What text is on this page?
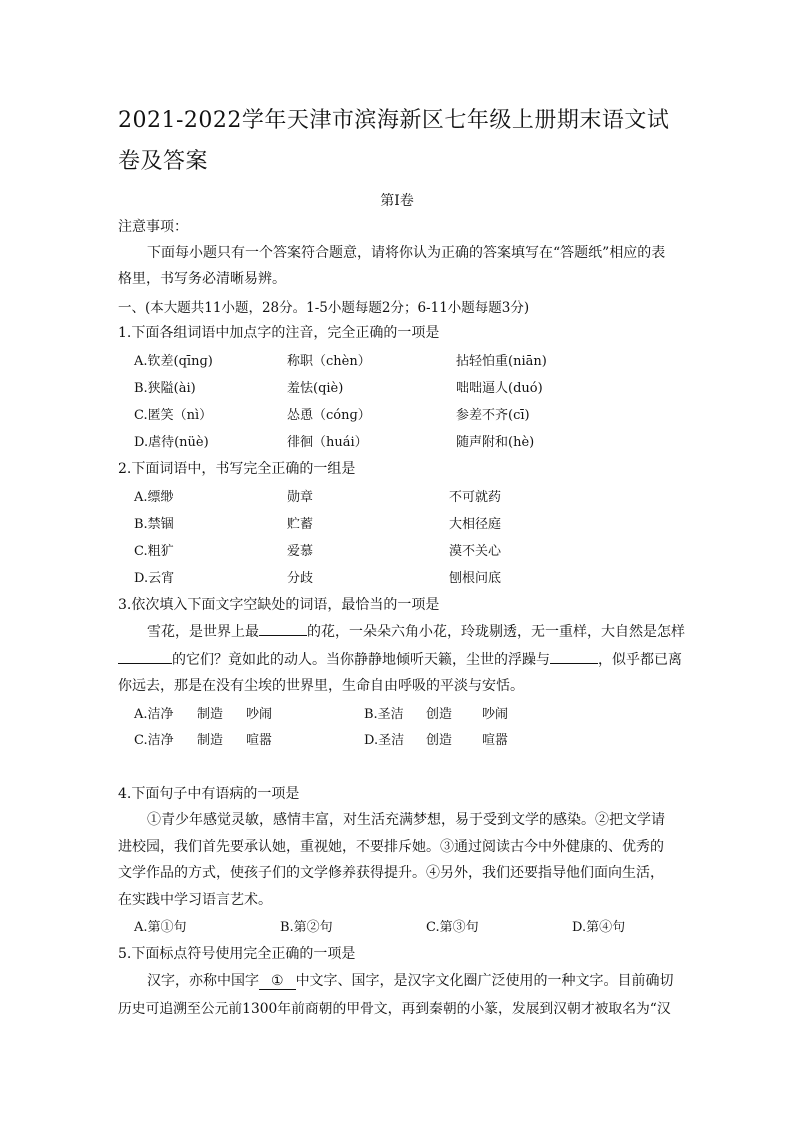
2021-2022学年天津市滨海新区七年级上册期末语文试卷及答案
第I卷
注意事项：
下面每小题只有一个答案符合题意，请将你认为正确的答案填写在“答题纸”相应的表
格里，书写务必清晰易辨。
一、(本大题共11小题，28分。1-5小题每题2分；6-11小题每题3分)
1.下面各组词语中加点字的注音，完全正确的一项是
A.钦差(qīnɡ)	称职（chèn）	拈轻怕重(niān)
B.狭隘(ài)	羞怯(qiè)	咄咄逼人(duó)
C.匿笑（nì）	怂恿（cónɡ）	参差不齐(cī)
D.虐待(nüè)	徘徊（huái）	随声附和(hè)
2.下面词语中，书写完全正确的一组是
A.缥缈	勋章	不可就药
B.禁锢	贮蓄	大相径庭
C.粗犷	爱慕	漠不关心
D.云宵	分歧	刨根问底
3.依次填入下面文字空缺处的词语，最恰当的一项是
雪花，是世界上最	的花，一朵朵六角小花，玲珑剔透，无一重样，大自然是怎样
的它们？竟如此的动人。当你静静地倾听天籁，尘世的浮躁与	，似乎都已离
你远去，那是在没有尘埃的世界里，生命自由呼吸的平淡与安恬。
A.洁净 制造 吵闹	B.圣洁 创造 吵闹
C.洁净 制造 喧嚣	D.圣洁 创造 喧嚣
4.下面句子中有语病的一项是
①青少年感觉灵敏，感情丰富，对生活充满梦想，易于受到文学的感染。②把文学请
进校园，我们首先要承认她，重视她，不要排斥她。③通过阅读古今中外健康的、优秀的
文学作品的方式，使孩子们的文学修养获得提升。④另外，我们还要指导他们面向生活，
在实践中学习语言艺术。
A.第①句	B.第②句	C.第③句	D.第④句
5.下面标点符号使用完全正确的一项是
汉字，亦称中国字 ① 中文字、国字，是汉字文化圈广泛使用的一种文字。目前确切
历史可追溯至公元前1300年前商朝的甲骨文，再到秦朝的小篆，发展到汉朝才被取名为“汉
